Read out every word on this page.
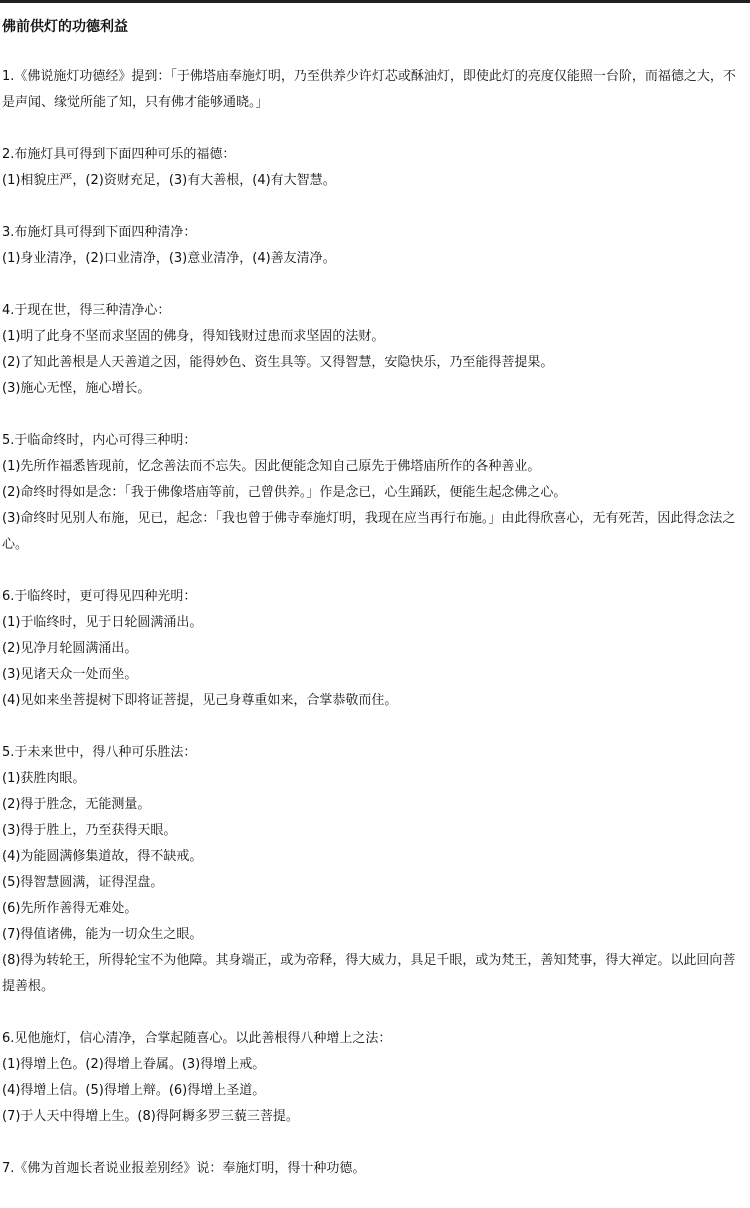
佛前供灯的功德利益

1.《佛说施灯功德经》提到：「于佛塔庙奉施灯明，乃至供养少许灯芯或酥油灯，即使此灯的亮度仅能照一台阶，而福德之大，不是声闻、缘觉所能了知，只有佛才能够通晓。」

2.布施灯具可得到下面四种可乐的福德：

(1)相貌庄严，(2)资财充足，(3)有大善根，(4)有大智慧。

3.布施灯具可得到下面四种清净：

(1)身业清净，(2)口业清净，(3)意业清净，(4)善友清净。

4.于现在世，得三种清净心：

(1)明了此身不坚而求坚固的佛身，得知钱财过患而求坚固的法财。

(2)了知此善根是人天善道之因，能得妙色、资生具等。又得智慧，安隐快乐，乃至能得菩提果。

(3)施心无悭，施心增长。

5.于临命终时，内心可得三种明：

(1)先所作福悉皆现前，忆念善法而不忘失。因此便能念知自己原先于佛塔庙所作的各种善业。

(2)命终时得如是念：「我于佛像塔庙等前，己曾供养。」作是念已，心生踊跃，便能生起念佛之心。

(3)命终时见别人布施，见已，起念：「我也曾于佛寺奉施灯明，我现在应当再行布施。」由此得欣喜心，无有死苦，因此得念法之心。

6.于临终时，更可得见四种光明：

(1)于临终时，见于日轮圆满涌出。

(2)见净月轮圆满涌出。

(3)见诸天众一处而坐。

(4)见如来坐菩提树下即将证菩提，见己身尊重如来，合掌恭敬而住。

5.于未来世中，得八种可乐胜法：

(1)获胜肉眼。

(2)得于胜念，无能测量。

(3)得于胜上，乃至获得天眼。

(4)为能圆满修集道故，得不缺戒。

(5)得智慧圆满，证得涅盘。

(6)先所作善得无难处。

(7)得值诸佛，能为一切众生之眼。

(8)得为转轮王，所得轮宝不为他障。其身端正，或为帝释，得大威力，具足千眼，或为梵王，善知梵事，得大禅定。以此回向菩提善根。

6.见他施灯，信心清净，合掌起随喜心。以此善根得八种增上之法：

(1)得增上色。(2)得增上眷属。(3)得增上戒。

(4)得增上信。(5)得增上辩。(6)得增上圣道。

(7)于人天中得增上生。(8)得阿耨多罗三藐三菩提。

7.《佛为首迦长者说业报差别经》说：奉施灯明，得十种功德。
